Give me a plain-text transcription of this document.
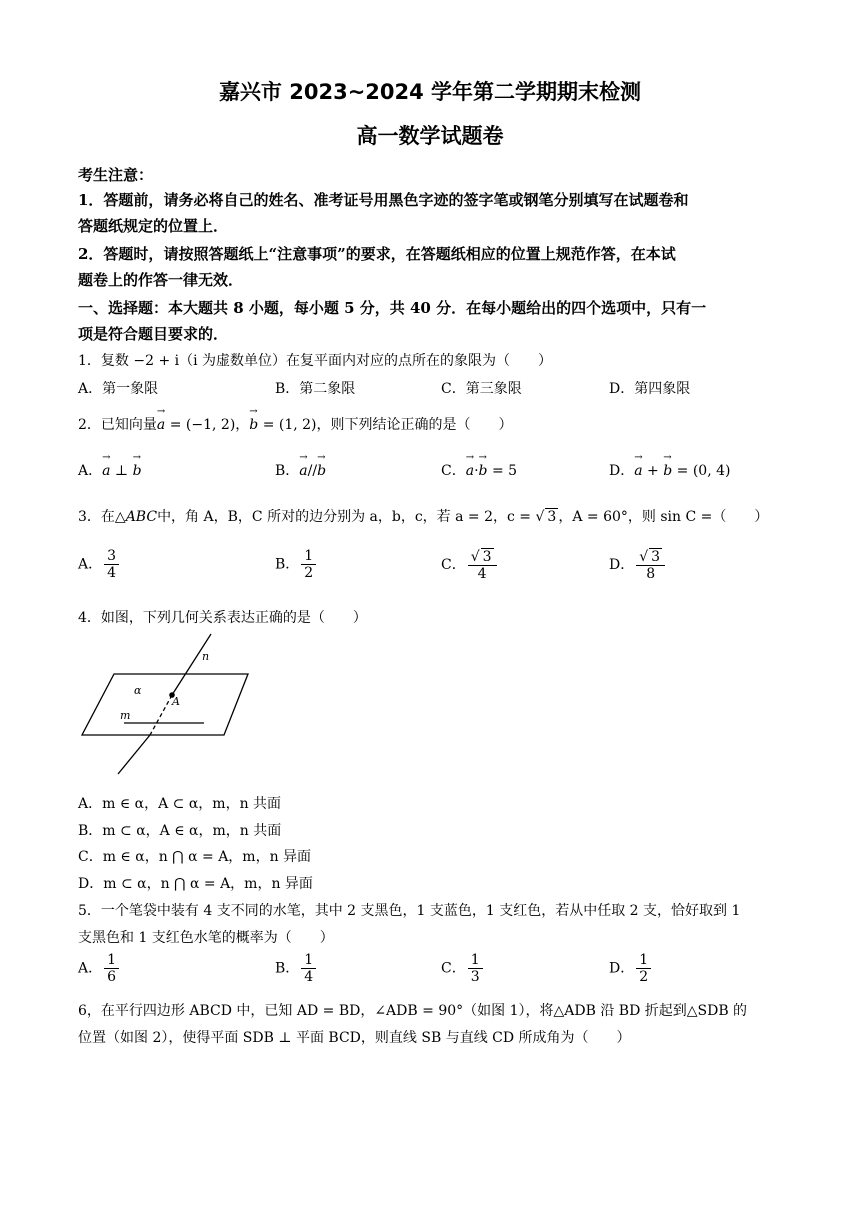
嘉兴市 2023~2024 学年第二学期期末检测
高一数学试题卷
考生注意：
1．答题前，请务必将自己的姓名、准考证号用黑色字迹的签字笔或钢笔分别填写在试题卷和
答题纸规定的位置上．
2．答题时，请按照答题纸上“注意事项”的要求，在答题纸相应的位置上规范作答，在本试
题卷上的作答一律无效．
一、选择题：本大题共 8 小题，每小题 5 分，共 40 分．在每小题给出的四个选项中，只有一
项是符合题目要求的．
1．复数 −2 + i（i 为虚数单位）在复平面内对应的点所在的象限为（　　）
A．第一象限	B．第二象限	C．第三象限	D．第四象限
2．已知向量→ a = (−1, 2)，→ b = (1, 2)，则下列结论正确的是（　　）
A．→ a ⊥ → b	B．→ a//→ b	C．→ a·→ b = 5	D．→ a + → b = (0, 4)
3．在△ABC中，角 A，B，C 所对的边分别为 a，b，c，若 a = 2，c = √ 3 ，A = 60°，则 sin C =（　　）
A． $\frac{3}{4}$	B． $\frac{1}{2}$	C． $\frac{√ 3}{4}$	D． $\frac{√ 3}{8}$
4．如图，下列几何关系表达正确的是（　　）
n
α
A
m
A．m ∈ α，A ⊂ α，m，n 共面
B．m ⊂ α，A ∈ α，m，n 共面
C．m ∈ α，n ⋂ α = A，m，n 异面
D．m ⊂ α，n ⋂ α = A，m，n 异面
5．一个笔袋中装有 4 支不同的水笔，其中 2 支黑色，1 支蓝色，1 支红色，若从中任取 2 支，恰好取到 1
支黑色和 1 支红色水笔的概率为（　　）
A． $\frac{1}{6}$	B． $\frac{1}{4}$	C． $\frac{1}{3}$	D． $\frac{1}{2}$
6，在平行四边形 ABCD 中，已知 AD = BD，∠ADB = 90°（如图 1），将△ADB 沿 BD 折起到△SDB 的
位置（如图 2），使得平面 SDB ⊥ 平面 BCD，则直线 SB 与直线 CD 所成角为（　　）
